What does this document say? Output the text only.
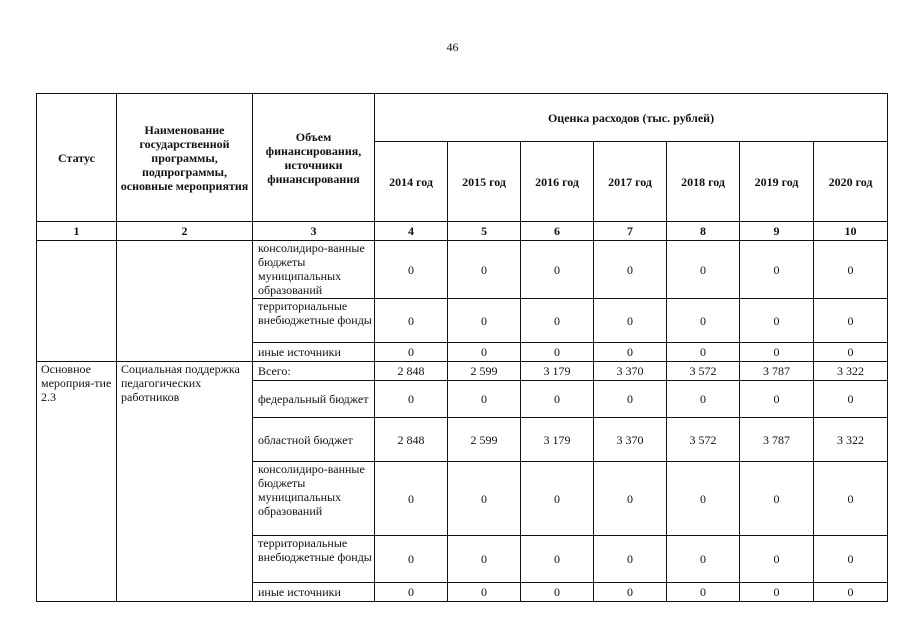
46
Статус	Наименование государственной программы, подпрограммы, основные мероприятия	Объем финансирования, источники финансирования	Оценка расходов (тыс. рублей)						
			2014 год	2015 год	2016 год	2017 год	2018 год	2019 год	2020 год
1	2	3	4	5	6	7	8	9	10
		консолидиро-ванные бюджеты муниципальных образований	0	0	0	0	0	0	0
		территориальные внебюджетные фонды	0	0	0	0	0	0	0
		иные источники	0	0	0	0	0	0	0
Основное мероприя-тие 2.3	Социальная поддержка педагогических работников	Всего:	2 848	2 599	3 179	3 370	3 572	3 787	3 322
		федеральный бюджет	0	0	0	0	0	0	0
		областной бюджет	2 848	2 599	3 179	3 370	3 572	3 787	3 322
		консолидиро-ванные бюджеты муниципальных образований	0	0	0	0	0	0	0
		территориальные внебюджетные фонды	0	0	0	0	0	0	0
		иные источники	0	0	0	0	0	0	0
